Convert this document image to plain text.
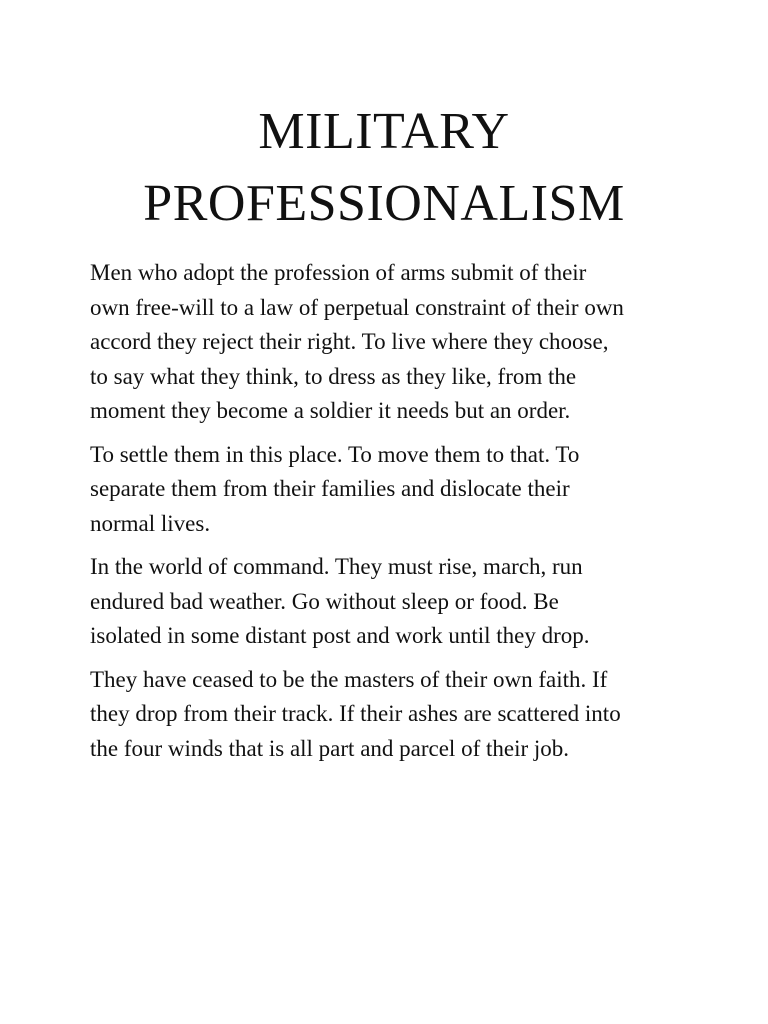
MILITARY
PROFESSIONALISM

Men who adopt the profession of arms submit of their
own free-will to a law of perpetual constraint of their own
accord they reject their right. To live where they choose,
to say what they think, to dress as they like, from the
moment they become a soldier it needs but an order.

To settle them in this place. To move them to that. To
separate them from their families and dislocate their
normal lives.

In the world of command. They must rise, march, run
endured bad weather. Go without sleep or food. Be
isolated in some distant post and work until they drop.

They have ceased to be the masters of their own faith. If
they drop from their track. If their ashes are scattered into
the four winds that is all part and parcel of their job.
